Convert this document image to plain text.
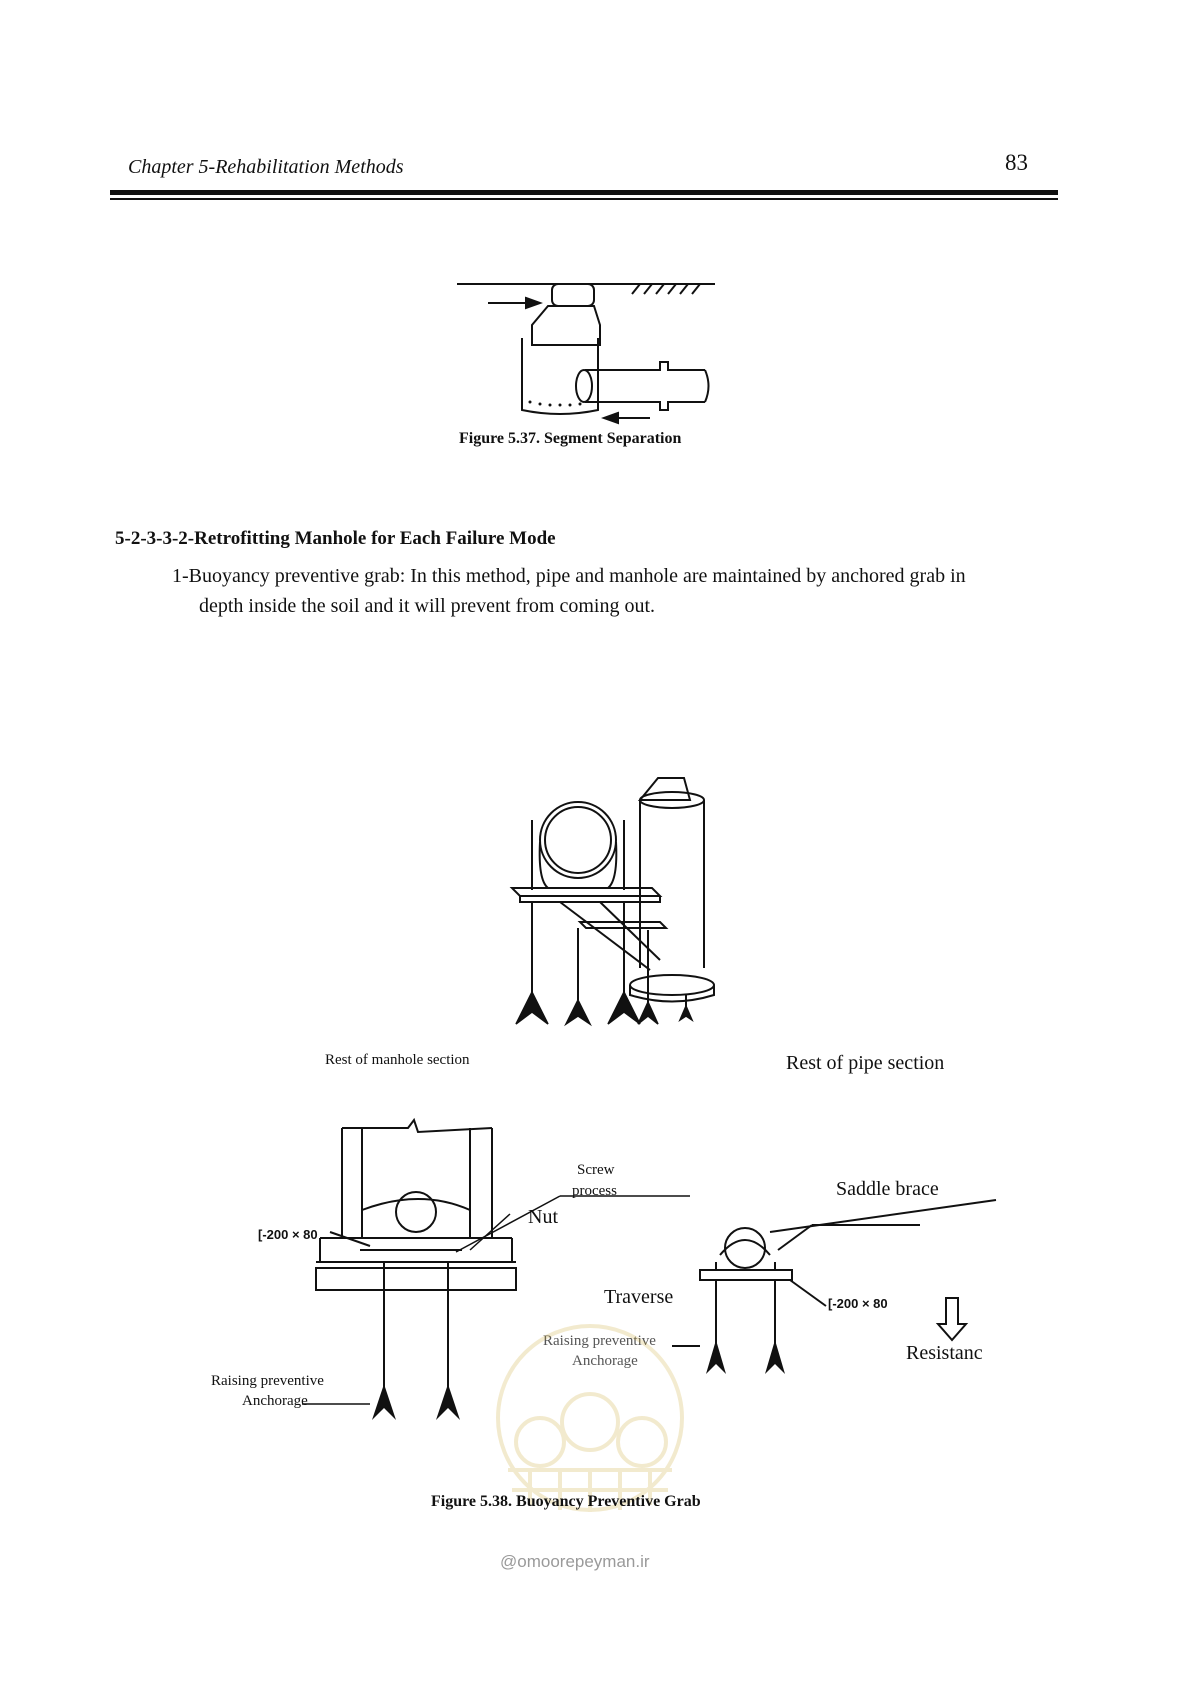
Chapter 5-Rehabilitation Methods	83
Figure 5.37. Segment Separation
5-2-3-3-2-Retrofitting Manhole for Each Failure Mode
1-Buoyancy preventive grab: In this method, pipe and manhole are maintained by anchored grab in
depth inside the soil and it will prevent from coming out.
Rest of manhole section	Rest of pipe section
Screw
process
Nut
Saddle brace
[-200 × 80
Traverse	[-200 × 80
Raising preventive
Anchorage	Resistanc
Raising preventive
Anchorage
Figure 5.38. Buoyancy Preventive Grab
@omoorepeyman.ir
